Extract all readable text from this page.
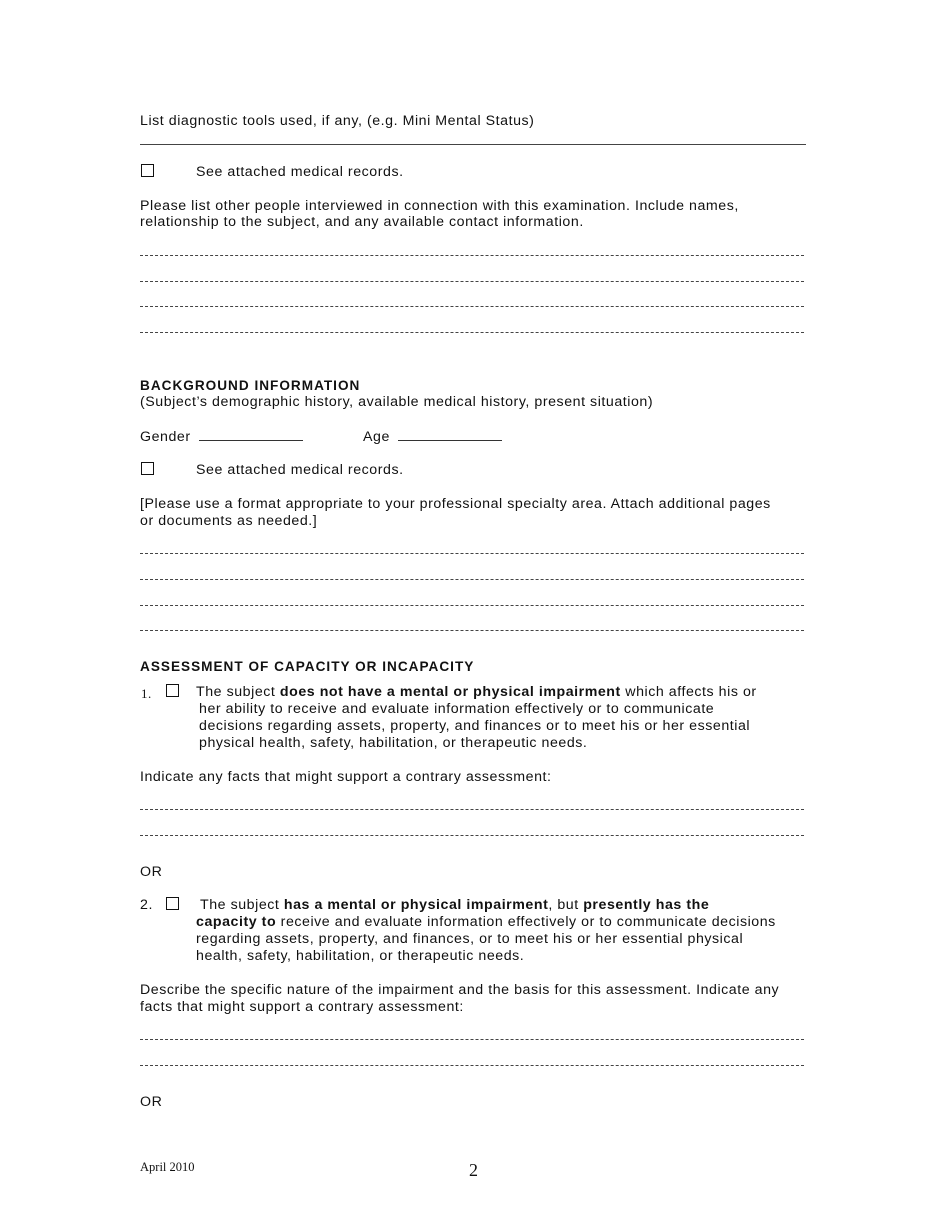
List diagnostic tools used, if any, (e.g. Mini Mental Status)
See attached medical records.
Please list other people interviewed in connection with this examination. Include names,
relationship to the subject, and any available contact information.
BACKGROUND INFORMATION
(Subject’s demographic history, available medical history, present situation)
Gender	Age
See attached medical records.
[Please use a format appropriate to your professional specialty area. Attach additional pages
or documents as needed.]
ASSESSMENT OF CAPACITY OR INCAPACITY
1.	The subject does not have a mental or physical impairment which affects his or
her ability to receive and evaluate information effectively or to communicate
decisions regarding assets, property, and finances or to meet his or her essential
physical health, safety, habilitation, or therapeutic needs.
Indicate any facts that might support a contrary assessment:
OR
2.	The subject has a mental or physical impairment, but presently has the
capacity to receive and evaluate information effectively or to communicate decisions
regarding assets, property, and finances, or to meet his or her essential physical
health, safety, habilitation, or therapeutic needs.
Describe the specific nature of the impairment and the basis for this assessment. Indicate any
facts that might support a contrary assessment:
OR
April 2010	2
